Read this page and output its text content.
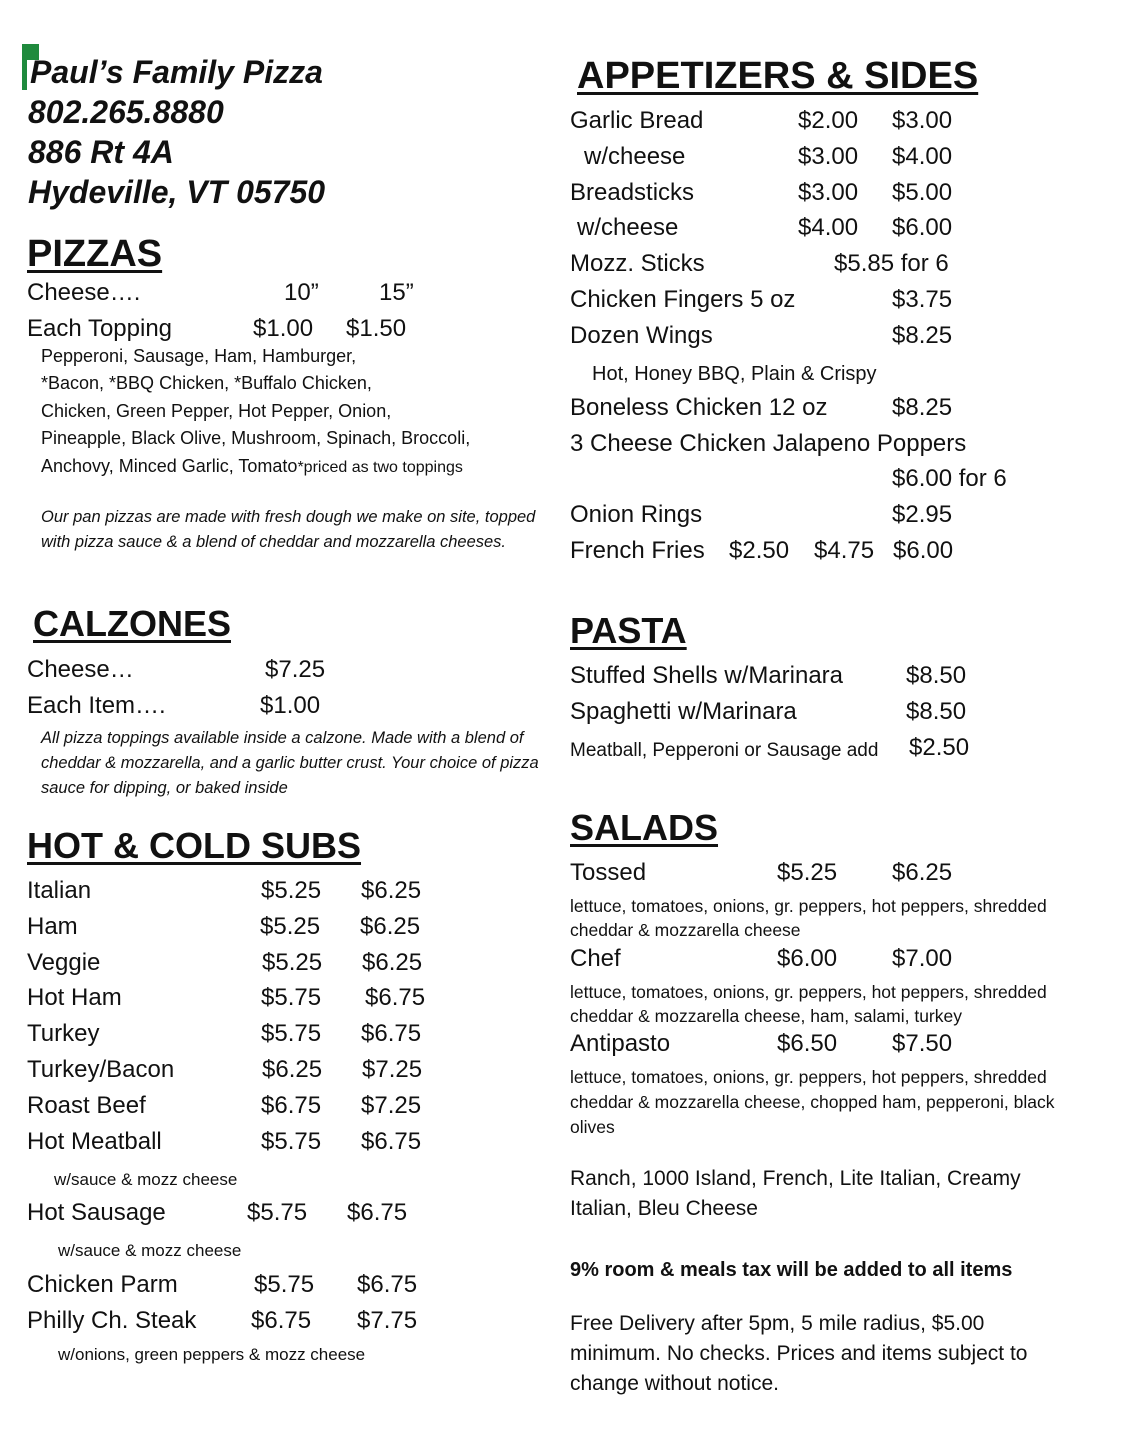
Paul’s Family Pizza
802.265.8880
886 Rt 4A
Hydeville, VT 05750
PIZZAS
Cheese….	10”	15”
Each Topping	$1.00 $1.50
Pepperoni, Sausage, Ham, Hamburger,
*Bacon, *BBQ Chicken, *Buffalo Chicken,
Chicken, Green Pepper, Hot Pepper, Onion,
Pineapple, Black Olive, Mushroom, Spinach, Broccoli,
Anchovy, Minced Garlic, Tomato*priced as two toppings
Our pan pizzas are made with fresh dough we make on site, topped with pizza sauce & a blend of cheddar and mozzarella cheeses.
CALZONES
Cheese…	$7.25
Each Item….	$1.00
All pizza toppings available inside a calzone. Made with a blend of cheddar & mozzarella, and a garlic butter crust. Your choice of pizza sauce for dipping, or baked inside
HOT & COLD SUBS
Italian	$5.25 $6.25
Ham	$5.25 $6.25
Veggie	$5.25 $6.25
Hot Ham	$5.75 $6.75
Turkey	$5.75 $6.75
Turkey/Bacon	$6.25 $7.25
Roast Beef	$6.75 $7.25
Hot Meatball	$5.75 $6.75
w/sauce & mozz cheese
Hot Sausage	$5.75 $6.75
w/sauce & mozz cheese
Chicken Parm	$5.75 $6.75
Philly Ch. Steak $6.75 $7.75
w/onions, green peppers & mozz cheese
APPETIZERS & SIDES
Garlic Bread	$2.00 $3.00
w/cheese	$3.00 $4.00
Breadsticks	$3.00 $5.00
w/cheese	$4.00 $6.00
Mozz. Sticks	$5.85 for 6
Chicken Fingers 5 oz	$3.75
Dozen Wings	$8.25
Hot, Honey BBQ, Plain & Crispy
Boneless Chicken 12 oz	$8.25
3 Cheese Chicken Jalapeno Poppers
$6.00 for 6
Onion Rings	$2.95
French Fries $2.50 $4.75 $6.00
PASTA
Stuffed Shells w/Marinara	$8.50
Spaghetti w/Marinara	$8.50
Meatball, Pepperoni or Sausage add $2.50
SALADS
Tossed	$5.25 $6.25
lettuce, tomatoes, onions, gr. peppers, hot peppers, shredded cheddar & mozzarella cheese
Chef	$6.00 $7.00
lettuce, tomatoes, onions, gr. peppers, hot peppers, shredded cheddar & mozzarella cheese, ham, salami, turkey
Antipasto	$6.50 $7.50
lettuce, tomatoes, onions, gr. peppers, hot peppers, shredded cheddar & mozzarella cheese, chopped ham, pepperoni, black olives
Ranch, 1000 Island, French, Lite Italian, Creamy Italian, Bleu Cheese
9% room & meals tax will be added to all items
Free Delivery after 5pm, 5 mile radius, $5.00 minimum. No checks. Prices and items subject to change without notice.
